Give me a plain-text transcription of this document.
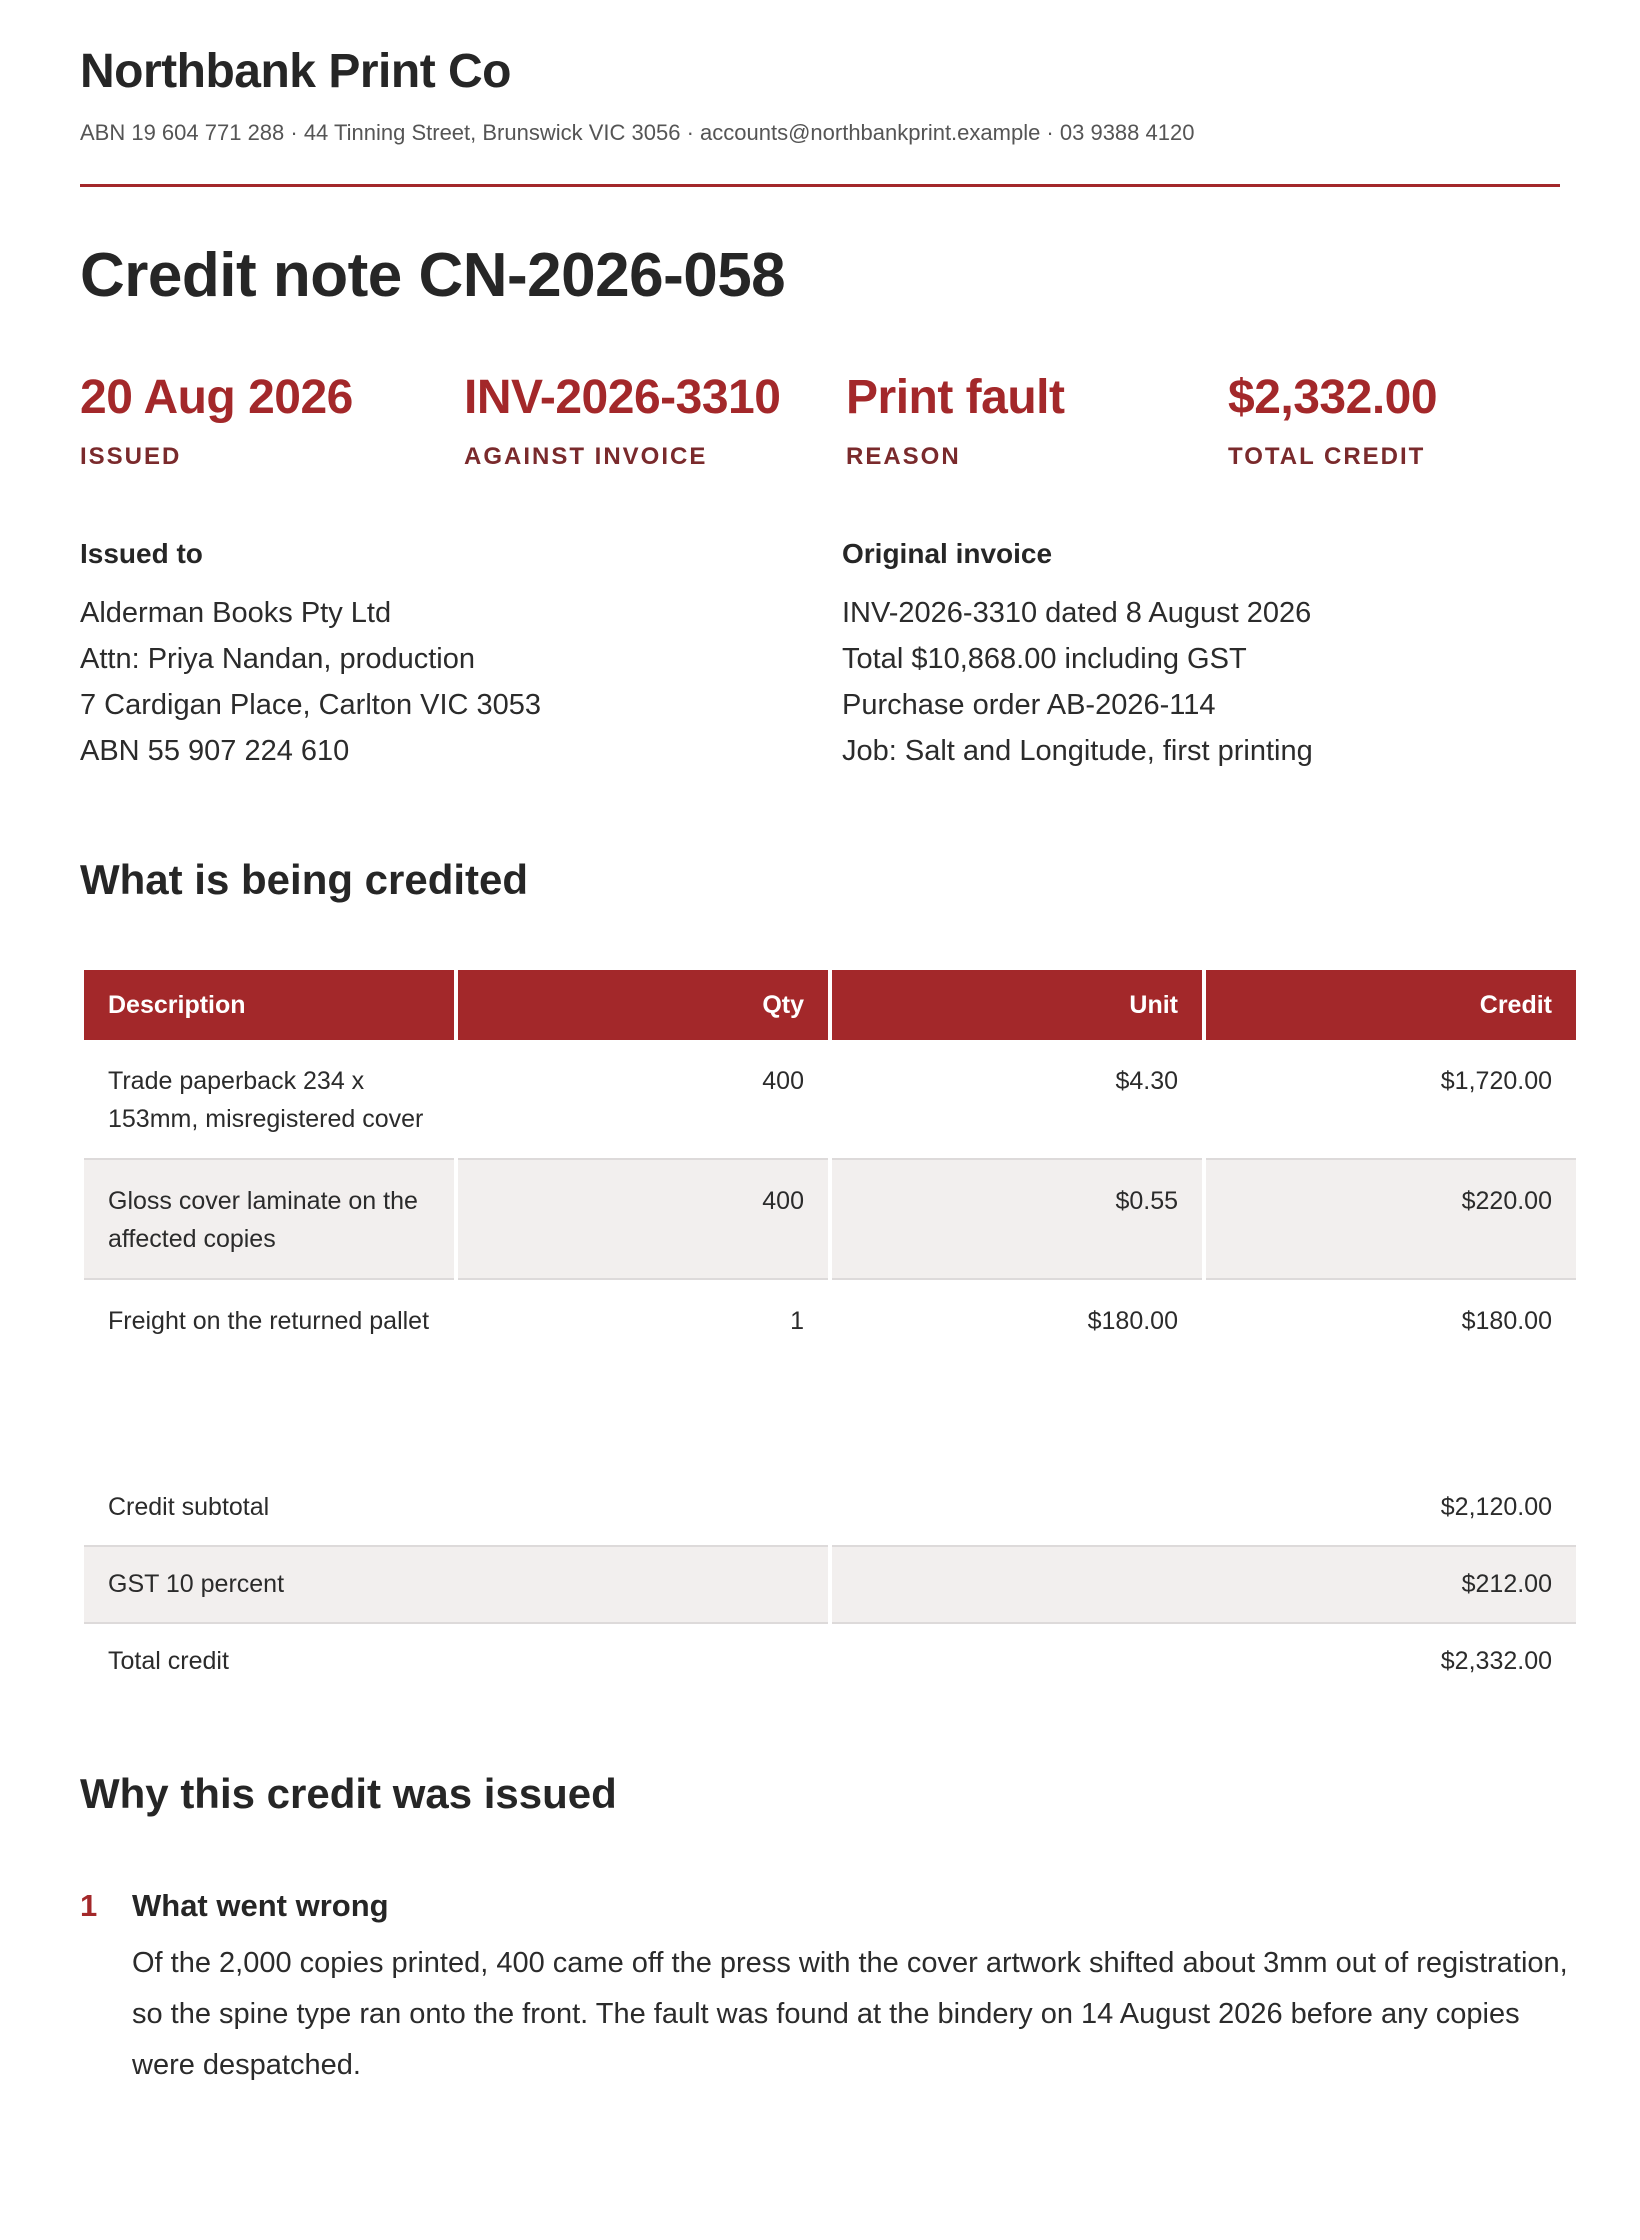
Northbank Print Co
ABN 19 604 771 288 · 44 Tinning Street, Brunswick VIC 3056 · accounts@northbankprint.example · 03 9388 4120
Credit note CN-2026-058
20 Aug 2026
ISSUED
INV-2026-3310
AGAINST INVOICE
Print fault
REASON
$2,332.00
TOTAL CREDIT
Issued to
Alderman Books Pty Ltd
Attn: Priya Nandan, production
7 Cardigan Place, Carlton VIC 3053
ABN 55 907 224 610
Original invoice
INV-2026-3310 dated 8 August 2026
Total $10,868.00 including GST
Purchase order AB-2026-114
Job: Salt and Longitude, first printing
What is being credited
Description	Qty	Unit	Credit
Trade paperback 234 x 153mm, misregistered cover	400	$4.30	$1,720.00
Gloss cover laminate on the affected copies	400	$0.55	$220.00
Freight on the returned pallet	1	$180.00	$180.00
Credit subtotal	$2,120.00
GST 10 percent	$212.00
Total credit	$2,332.00
Why this credit was issued
1 What went wrong
Of the 2,000 copies printed, 400 came off the press with the cover artwork shifted about 3mm out of registration, so the spine type ran onto the front. The fault was found at the bindery on 14 August 2026 before any copies were despatched.
